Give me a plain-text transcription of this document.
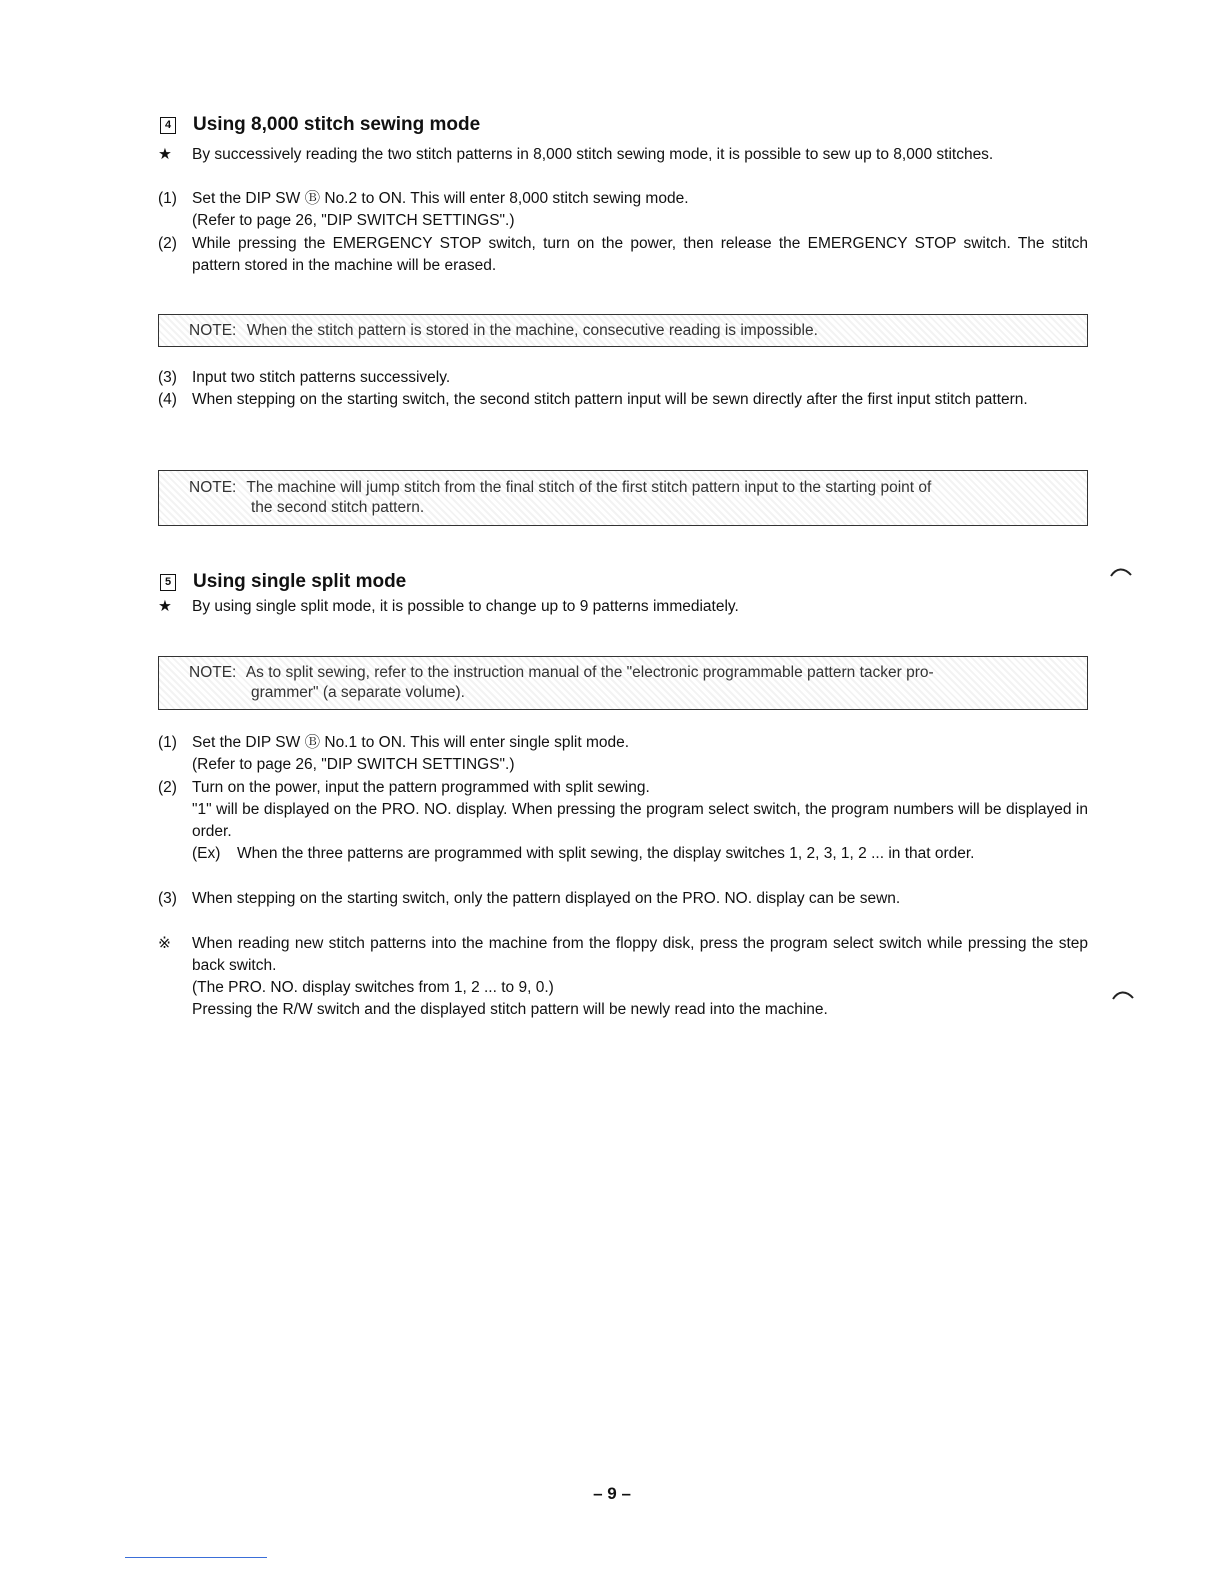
4 Using 8,000 stitch sewing mode
★	By successively reading the two stitch patterns in 8,000 stitch sewing mode, it is possible to sew up to 8,000 stitches.
(1) Set the DIP SW Ⓑ No.2 to ON. This will enter 8,000 stitch sewing mode.
(Refer to page 26, "DIP SWITCH SETTINGS".)
(2) While pressing the EMERGENCY STOP switch, turn on the power, then release the EMERGENCY STOP switch. The stitch pattern stored in the machine will be erased.
NOTE: When the stitch pattern is stored in the machine, consecutive reading is impossible.
(3) Input two stitch patterns successively.
(4) When stepping on the starting switch, the second stitch pattern input will be sewn directly after the first input stitch pattern.
NOTE: The machine will jump stitch from the final stitch of the first stitch pattern input to the starting point of
the second stitch pattern.
5 Using single split mode
★	By using single split mode, it is possible to change up to 9 patterns immediately.
NOTE: As to split sewing, refer to the instruction manual of the "electronic programmable pattern tacker pro-
grammer" (a separate volume).
(1) Set the DIP SW Ⓑ No.1 to ON. This will enter single split mode.
(Refer to page 26, "DIP SWITCH SETTINGS".)
(2) Turn on the power, input the pattern programmed with split sewing.
"1" will be displayed on the PRO. NO. display. When pressing the program select switch, the program numbers will be displayed in order.
(Ex) When the three patterns are programmed with split sewing, the display switches 1, 2, 3, 1, 2 ... in that order.
(3) When stepping on the starting switch, only the pattern displayed on the PRO. NO. display can be sewn.
※	When reading new stitch patterns into the machine from the floppy disk, press the program select switch while pressing the step back switch.
(The PRO. NO. display switches from 1, 2 ... to 9, 0.)
Pressing the R/W switch and the displayed stitch pattern will be newly read into the machine.
– 9 –
